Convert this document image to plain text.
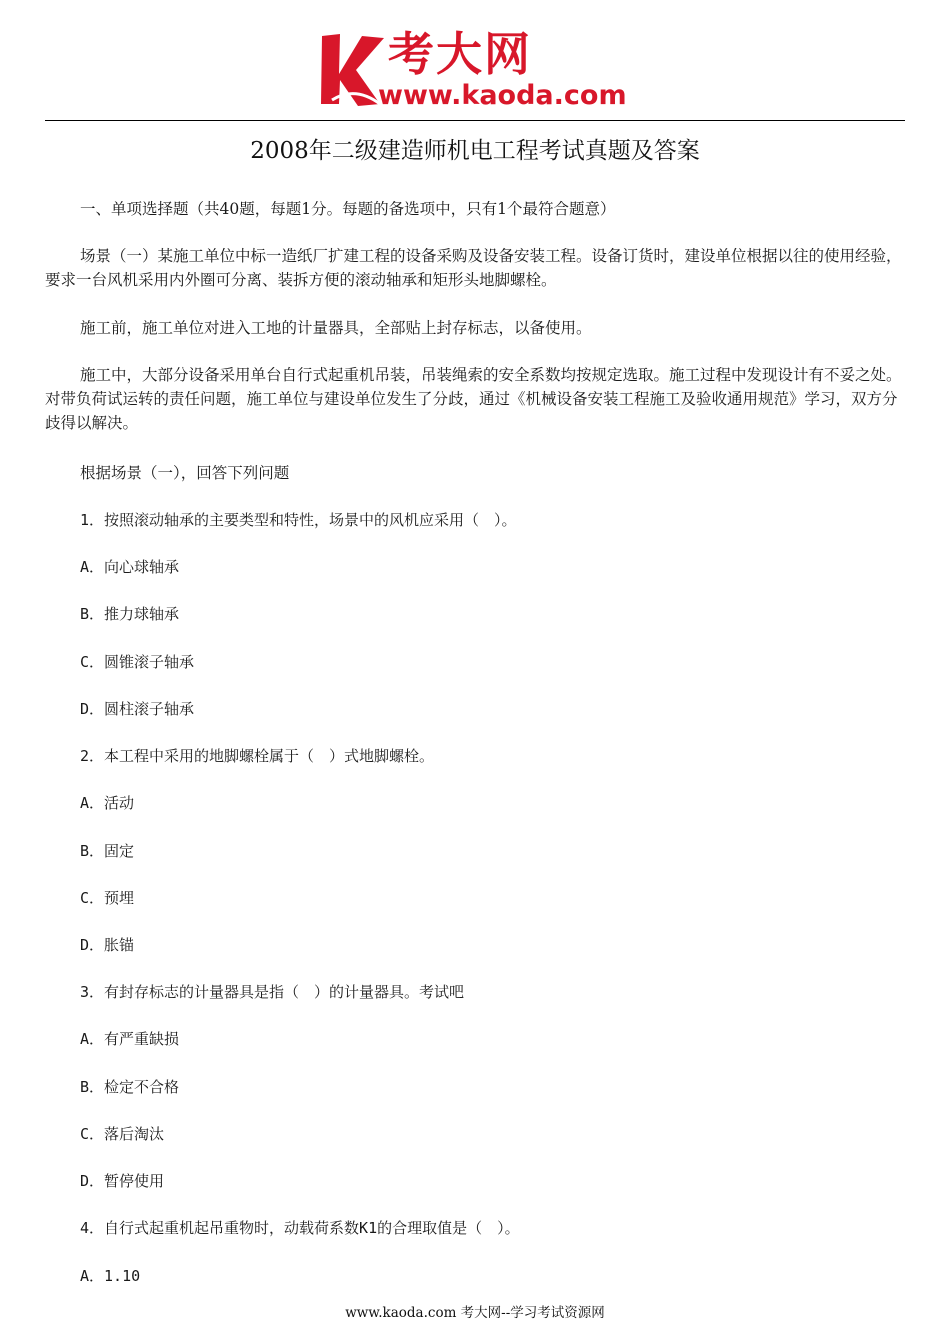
考大网
www.kaoda.com
2008年二级建造师机电工程考试真题及答案
一、单项选择题（共40题，每题1分。每题的备选项中，只有1个最符合题意）
场景（一）某施工单位中标一造纸厂扩建工程的设备采购及设备安装工程。设备订货时，建设单位根据以往的使用经验，要求一台风机采用内外圈可分离、装拆方便的滚动轴承和矩形头地脚螺栓。
施工前，施工单位对进入工地的计量器具，全部贴上封存标志，以备使用。
施工中，大部分设备采用单台自行式起重机吊装，吊装绳索的安全系数均按规定选取。施工过程中发现设计有不妥之处。对带负荷试运转的责任问题，施工单位与建设单位发生了分歧，通过《机械设备安装工程施工及验收通用规范》学习，双方分歧得以解决。
根据场景（一），回答下列问题
1．按照滚动轴承的主要类型和特性，场景中的风机应采用（　）。
A．向心球轴承
B．推力球轴承
C．圆锥滚子轴承
D．圆柱滚子轴承
2．本工程中采用的地脚螺栓属于（　）式地脚螺栓。
A．活动
B．固定
C．预埋
D．胀锚
3．有封存标志的计量器具是指（　）的计量器具。考试吧
A．有严重缺损
B．检定不合格
C．落后淘汰
D．暂停使用
4．自行式起重机起吊重物时，动载荷系数K1的合理取值是（　）。
A．1.10
www.kaoda.com 考大网--学习考试资源网
